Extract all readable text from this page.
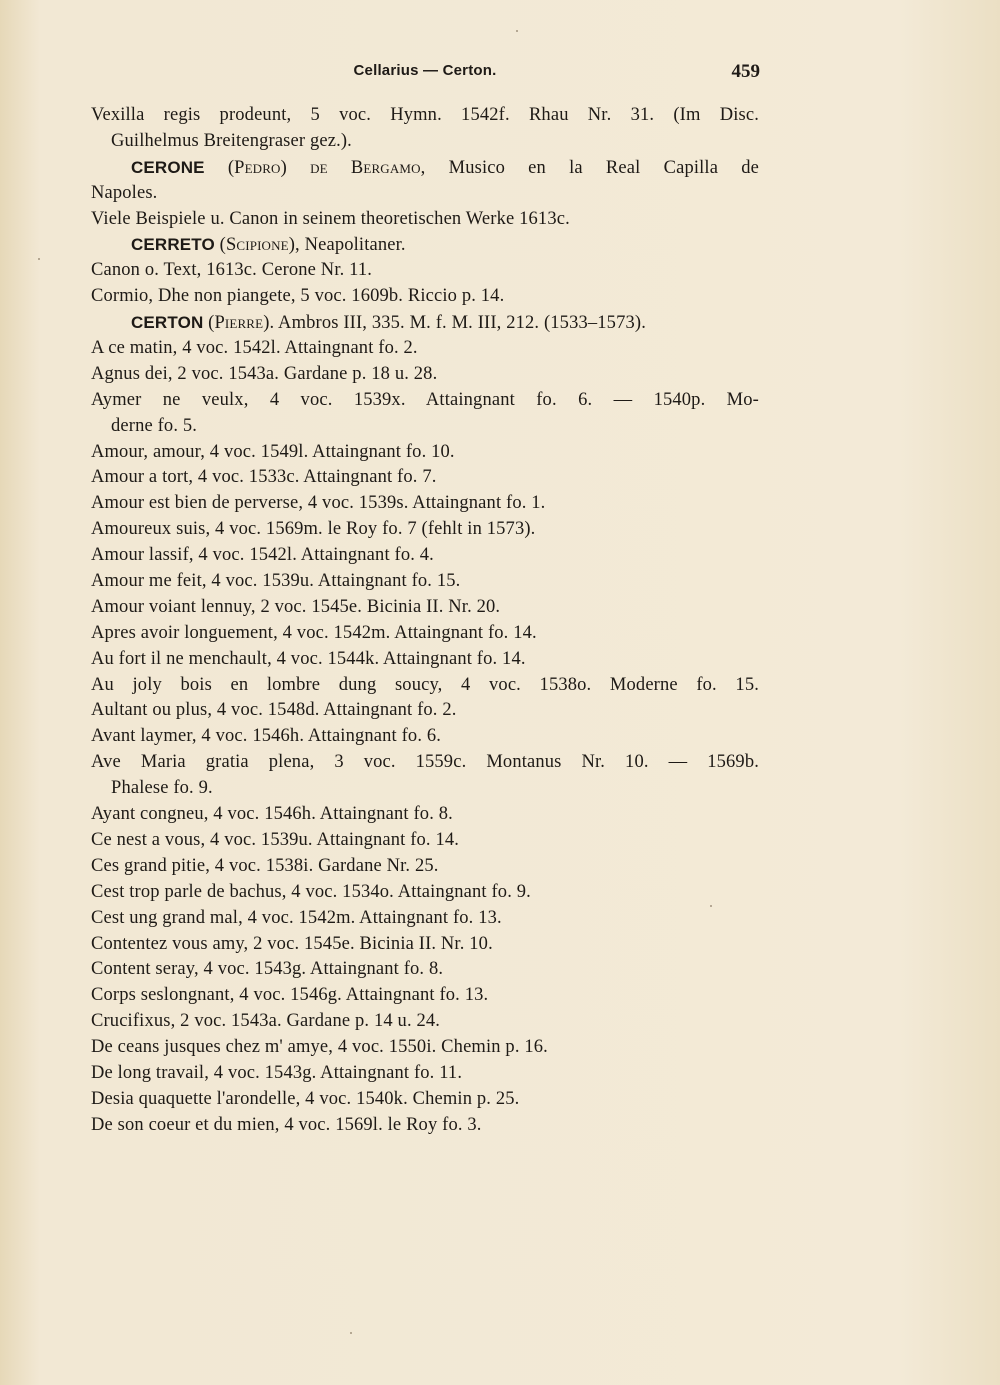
Cellarius — Certon.	459
Vexilla regis prodeunt, 5 voc. Hymn. 1542f. Rhau Nr. 31. (Im Disc.
Guilhelmus Breitengraser gez.).
CERONE (Pedro) de Bergamo, Musico en la Real Capilla de
Napoles.
Viele Beispiele u. Canon in seinem theoretischen Werke 1613c.
CERRETO (Scipione), Neapolitaner.
Canon o. Text, 1613c. Cerone Nr. 11.
Cormio, Dhe non piangete, 5 voc. 1609b. Riccio p. 14.
CERTON (Pierre). Ambros III, 335. M. f. M. III, 212. (1533–1573).
A ce matin, 4 voc. 1542l. Attaingnant fo. 2.
Agnus dei, 2 voc. 1543a. Gardane p. 18 u. 28.
Aymer ne veulx, 4 voc. 1539x. Attaingnant fo. 6. — 1540p. Mo-
derne fo. 5.
Amour, amour, 4 voc. 1549l. Attaingnant fo. 10.
Amour a tort, 4 voc. 1533c. Attaingnant fo. 7.
Amour est bien de perverse, 4 voc. 1539s. Attaingnant fo. 1.
Amoureux suis, 4 voc. 1569m. le Roy fo. 7 (fehlt in 1573).
Amour lassif, 4 voc. 1542l. Attaingnant fo. 4.
Amour me feit, 4 voc. 1539u. Attaingnant fo. 15.
Amour voiant lennuy, 2 voc. 1545e. Bicinia II. Nr. 20.
Apres avoir longuement, 4 voc. 1542m. Attaingnant fo. 14.
Au fort il ne menchault, 4 voc. 1544k. Attaingnant fo. 14.
Au joly bois en lombre dung soucy, 4 voc. 1538o. Moderne fo. 15.
Aultant ou plus, 4 voc. 1548d. Attaingnant fo. 2.
Avant laymer, 4 voc. 1546h. Attaingnant fo. 6.
Ave Maria gratia plena, 3 voc. 1559c. Montanus Nr. 10. — 1569b.
Phalese fo. 9.
Ayant congneu, 4 voc. 1546h. Attaingnant fo. 8.
Ce nest a vous, 4 voc. 1539u. Attaingnant fo. 14.
Ces grand pitie, 4 voc. 1538i. Gardane Nr. 25.
Cest trop parle de bachus, 4 voc. 1534o. Attaingnant fo. 9.
Cest ung grand mal, 4 voc. 1542m. Attaingnant fo. 13.
Contentez vous amy, 2 voc. 1545e. Bicinia II. Nr. 10.
Content seray, 4 voc. 1543g. Attaingnant fo. 8.
Corps seslongnant, 4 voc. 1546g. Attaingnant fo. 13.
Crucifixus, 2 voc. 1543a. Gardane p. 14 u. 24.
De ceans jusques chez m' amye, 4 voc. 1550i. Chemin p. 16.
De long travail, 4 voc. 1543g. Attaingnant fo. 11.
Desia quaquette l'arondelle, 4 voc. 1540k. Chemin p. 25.
De son coeur et du mien, 4 voc. 1569l. le Roy fo. 3.
